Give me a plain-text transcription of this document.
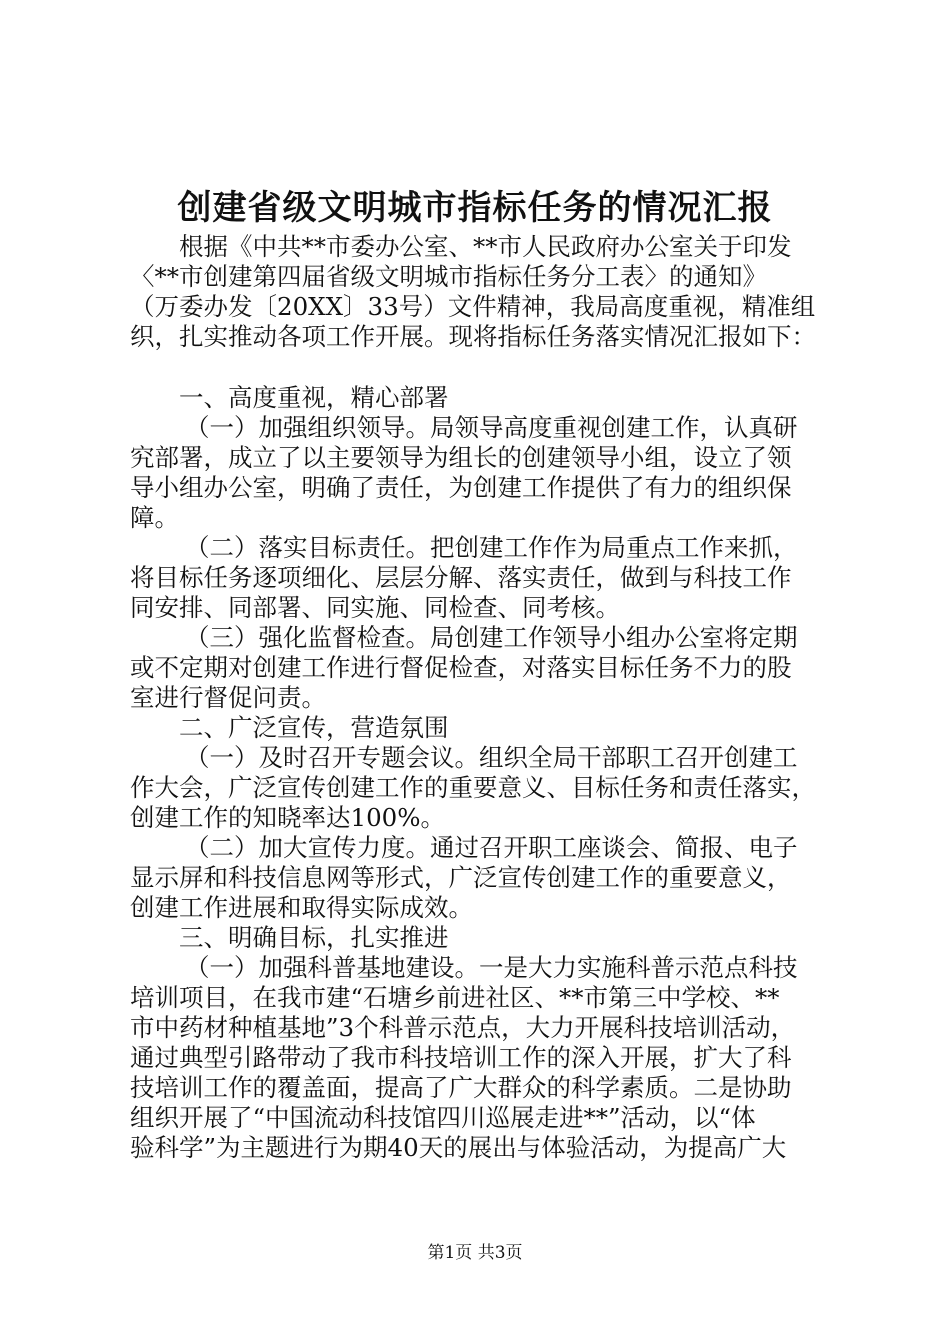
创建省级文明城市指标任务的情况汇报
根据《中共**市委办公室、**市人民政府办公室关于印发
〈**市创建第四届省级文明城市指标任务分工表〉的通知》
（万委办发〔20XX〕33号）文件精神，我局高度重视，精准组
织，扎实推动各项工作开展。现将指标任务落实情况汇报如下：
一、高度重视，精心部署
（一）加强组织领导。局领导高度重视创建工作，认真研
究部署，成立了以主要领导为组长的创建领导小组，设立了领
导小组办公室，明确了责任，为创建工作提供了有力的组织保
障。
（二）落实目标责任。把创建工作作为局重点工作来抓，
将目标任务逐项细化、层层分解、落实责任，做到与科技工作
同安排、同部署、同实施、同检查、同考核。
（三）强化监督检查。局创建工作领导小组办公室将定期
或不定期对创建工作进行督促检查，对落实目标任务不力的股
室进行督促问责。
二、广泛宣传，营造氛围
（一）及时召开专题会议。组织全局干部职工召开创建工
作大会，广泛宣传创建工作的重要意义、目标任务和责任落实，
创建工作的知晓率达100%。
（二）加大宣传力度。通过召开职工座谈会、简报、电子
显示屏和科技信息网等形式，广泛宣传创建工作的重要意义，
创建工作进展和取得实际成效。
三、明确目标，扎实推进
（一）加强科普基地建设。一是大力实施科普示范点科技
培训项目，在我市建“石塘乡前进社区、**市第三中学校、**
市中药材种植基地”3个科普示范点，大力开展科技培训活动，
通过典型引路带动了我市科技培训工作的深入开展，扩大了科
技培训工作的覆盖面，提高了广大群众的科学素质。二是协助
组织开展了“中国流动科技馆四川巡展走进**”活动，以“体
验科学”为主题进行为期40天的展出与体验活动，为提高广大
第1页 共3页
